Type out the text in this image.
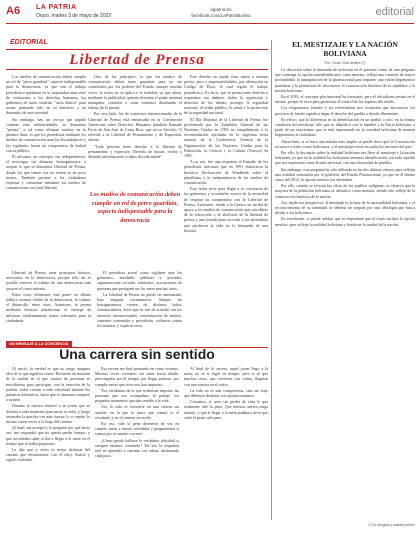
A6 LA PATRIA
Oruro, martes 3 de mayo de 2022
lapatria.bo
facebook.com/LaPatriaBolivia	editorial
EDITORIAL
Libertad de Prensa

Los medios de comunicación deben cumplir un rol de "perro guardián", aspecto indispensable para la democracia, ya que son el trabajo periodístico quedaron en la impunidad unas serie de violaciones a los derechos humanos, los gobiernos de turno tendrían "carta blanca" para actuar pensando sólo en su beneficio y en desmedro de una sociedad.

Sin embargo, hay un cerrojo que impide cometer esas arbitrariedades, se denomina "prensa", y tal como afirman muchos en la primera línea, es que los periodistas mediante los medios de comunicación sean los fiscalizadores y los vigilantes, hacen un compromiso de lealtad con su público.

El informar un concepto con independencia, el investigar sin alianzas, homogenizarse o aceptar lo que se denomina Libertad de Prensa, donde los que tienen voz no tienen ni un poco menos. También permite a los ciudadanos expresar y cuestionar mediante los medios de comunicación con total libertad.

Otro de los principios, es que los medios de comunicación deben tener garantías para no ser controlados por los poderes del Estado, aunque muchas veces, la teoría no se aplica a la realidad, ya que ahora, mediante la publicidad, quienes detentan el poder intentan manipular, controlar o cesar contratos desafiando el trabajo de la prensa.

Por otro lado, los de estructura internacionales de la Libertad de Prensa está enmarcada en la Convención Americana sobre Derechos Humanos (también llamado Pacto de San José de Costa Rica, que en su Artículo 13 referido a la Libertad de Pensamiento y de Expresión, afirma:

"Toda persona tiene derecho a la libertad de pensamiento y expresión. Derecho de buscar, recibir y difundir informaciones e ideas de toda índole".

Los medios de comunicación deben cumplir un rol de perro guardián, aspecto indispensable para la democracia

Libertad de Prensa tiene principios básicos, necesarios en la democracia, porque sólo así es posible conocer el trabajo de una democracia más justa en el conocimiento.

Entre estos elementos está poner en debate público asuntos vitales de la democracia, la cultura, el desarrollo, entre otros. Asimismo, la prensa mediante diversas plataformas se encarga de informar cotidianamente temas relevantes para la ciudadanía.

El periodista actual como vigilante ante los gobiernos, entidades públicas y privadas, organizaciones sociales, sindicatos, asociaciones de personas que persiguen un fin, entre muchas otras.

La Libertad de Prensa no puede ser amenazada, bajo ninguna circunstancia. Aunque las hostigamientos vienen de distintos lados: comunicadores, leyes que se van de acuerdo con los intereses internacionales, concentración de medios, crímenes contenidos y periodistas, violencia contra los mismos, y explicar otros.

Este derecho no puede estar sujeto a censura previa, pero a responsabilidades, por alienación en Código de Ética, el cual regula el trabajo periodístico. Es decir, que la prensa tiene derecho a expresarse sin dañarse, dañar la reputación y derechos de los demás; proteger la seguridad nacional, el orden público, la salud o la protección de la seguridad nacional.

El Día Mundial de la Libertad de Prensa fue proclamado por la Asamblea General de las Naciones Unidas en 1993 en cumplimiento a la recomendación aprobada en la vigésima sexta reunión de la Conferencia General de la Organización de las Naciones Unidas para la Educación, la Ciencia y la Cultura (Unesco) en 1991.

A su vez, fue una respuesta al llamado de los periodistas africanos que en 1991 elaboraron la histórica Declaración de Windhoek sobre el pluralismo y la independencia de los medios de comunicación.

Esta fecha sirve para llegar a la conciencia de los gobiernos y recordarles acerca de la necesidad de respetar su compromiso con la Libertad de Prensa. Asimismo, tiende a la Unesco en un día de apoyo a los medios de comunicación que son objeto de la restricción o la abolición de la libertad de prensa y una jornada para recordar a los periodistas que perdieron la vida en la búsqueda de una historia.

EL MESTIZAJE Y LA NACIÓN BOLIVIANA
Por: Omar Ortiz Ardiles (*)

La discusión sobre la demanda de inclusión en el presente censo de una pregunta que contenga la opción autoidentificarse como mestizo, refleja una cuestión de mayor profundidad, la manipulación de la plurinacional para imponer una visión hegemónica partidaria y la pretensión de desconocer la construcción histórica de la república y la nación boliviana.

En el 2010, el concepto plurinacional ha fracasado, pero el oficialismo insiste en el mismo, porque le sirve para garantizar el control de los órganos del estado.

Los vergonzosos fraudes y los referéndums nos recuerdan que desconocer los procesos de fraude significa negar el derecho del pueblo a decidir libremente.

En efecto, que la diferencia en la identificación es un pueblo a otro, en la misma condición del mestizaje, sólo que se identificó con la bandera y la Patria boliviana, a partir de un sincretismo que se está imponiendo en la sociedad boliviana de manera hegemónica al ciudadano.

Ahora bien, si se hace una mirada más amplia se puede decir que la Constitución reconoce a todos como bolivianos, y el mestizaje existe en todos los rincones del país.

Por ello, la discusión sobre la realidad boliviana nos lleva al mestizaje y la nación boliviana, ya que en la realidad los bolivianos tenemos identificación con todo aquello que nos representa como Estado nacional, con una diversidad de pueblos.

Sin embargo, esta pregunta ha sido utilizada en los dos últimos censos, para reflejar una realidad construida por el gobierno del Estado Plurinacional, ya que en el último censo del 2012, la opción mestizo fue eliminada.

Por ello, cuando se revisan las cifras de los pueblos indígenas, se observa que la mayoría de la población boliviana se identifica como mestiza, siendo esto reflejo de la construcción histórica de la nación.

Así, desde esa perspectiva, el mestizaje es la base de la nacionalidad boliviana, y el reconocimiento de su identidad no debería ser negado por una ideología que busca dividir a los bolivianos.

En conclusión, se puede señalar que es importante que el censo incluya la opción mestizo, para reflejar la realidad boliviana y fortalecer la unidad de la nación.

(*) Es abogado y analista político
UN MENSAJE A LA CONCIENCIA
Una carrera sin sentido

Al inicio, la verdad es que no tengo ninguna idea de lo que significa correr. Recuerdo un maratón de la ciudad en el que cientos de personas se inscribieron para participar; con la emoción de la partida, todos corrían a toda velocidad durante los primeros kilómetros, hasta que el cansancio empezó a notarse.

Durante la carrera observé a un joven que se detenía a cada momento para mirar su reloj, y luego retomaba la marcha con más fuerza; lo vi repetir lo mismo varias veces a lo largo del camino.

Al final, me acerqué y le pregunté por qué hacía eso, me respondió que no quería perder tiempo, y que necesitaba saber si iba a llegar a la meta en el tiempo que se había propuesto.

Le dije que a veces es mejor disfrutar del camino que obsesionarse con el reloj. Sonrió y siguió corriendo.

Esa escena me dejó pensando en cómo vivimos. Muchas veces corremos sin saber hacia dónde, preocupados por el tiempo, por llegar primero, por cumplir metas que otros nos han impuesto.

Nos olvidamos de lo que realmente importa: las personas que nos acompañan, el paisaje, los pequeños momentos que dan sentido a la vida.

Así, la vida se convierte en una carrera sin sentido, en la que lo único que cuenta es el resultado, y no el camino recorrido.

Por eso, vale la pena detenerse de vez en cuando, mirar a nuestro alrededor y preguntarnos si vamos por el camino correcto.

¿Cómo puede hallarse la verdadera felicidad si siempre estamos corriendo? Tal vez la respuesta esté en aprender a caminar con calma, disfrutando cada paso.

Al final de la carrera, aquel joven llegó a la meta; no sé si logró su tiempo, pero sí sé que muchos otros, que corrieron con calma, llegaron con una sonrisa en el rostro.

La vida no es una competencia, sino un viaje que debemos disfrutar con quienes amamos.

Corramos, sí, pero sin perder de vista lo que realmente vale la pena. Que nuestra carrera tenga sentido, y que al llegar a la meta podamos decir que valió la pena cada paso.
